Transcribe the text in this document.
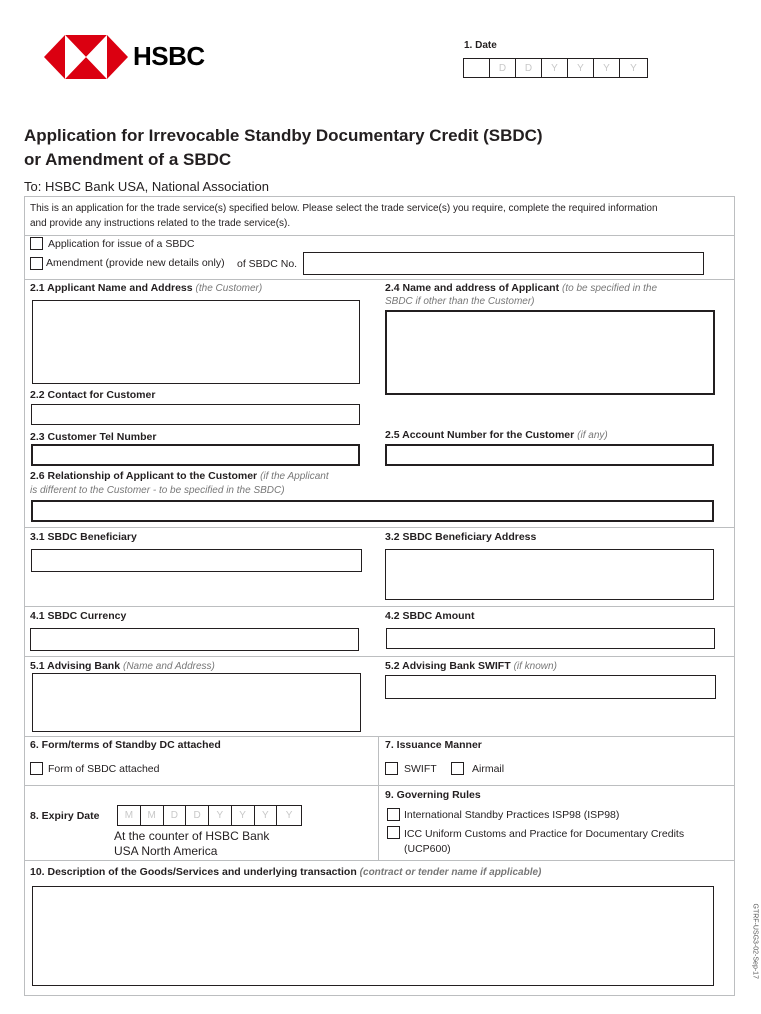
HSBC	1. Date
D	D	Y	Y	Y	Y
Application for Irrevocable Standby Documentary Credit (SBDC)
or Amendment of a SBDC
To: HSBC Bank USA, National Association
This is an application for the trade service(s) specified below. Please select the trade service(s) you require, complete the required information
and provide any instructions related to the trade service(s).
Application for issue of a SBDC
Amendment (provide new details only) of SBDC No.
2.1 Applicant Name and Address (the Customer)	2.4 Name and address of Applicant (to be specified in the
SBDC if other than the Customer)
2.2 Contact for Customer
2.3 Customer Tel Number	2.5 Account Number for the Customer (if any)
2.6 Relationship of Applicant to the Customer (if the Applicant
is different to the Customer - to be specified in the SBDC)
3.1 SBDC Beneficiary	3.2 SBDC Beneficiary Address
4.1 SBDC Currency	4.2 SBDC Amount
5.1 Advising Bank (Name and Address)	5.2 Advising Bank SWIFT (if known)
6. Form/terms of Standby DC attached
Form of SBDC attached
7. Issuance Manner
SWIFT	Airmail
8. Expiry Date	M	M	D	D	Y	Y	Y	Y
At the counter of HSBC Bank
USA North America
9. Governing Rules
International Standby Practices ISP98 (ISP98)
ICC Uniform Customs and Practice for Documentary Credits
(UCP600)
10. Description of the Goods/Services and underlying transaction (contract or tender name if applicable)
GTRF-USG3-02-Sep-17
